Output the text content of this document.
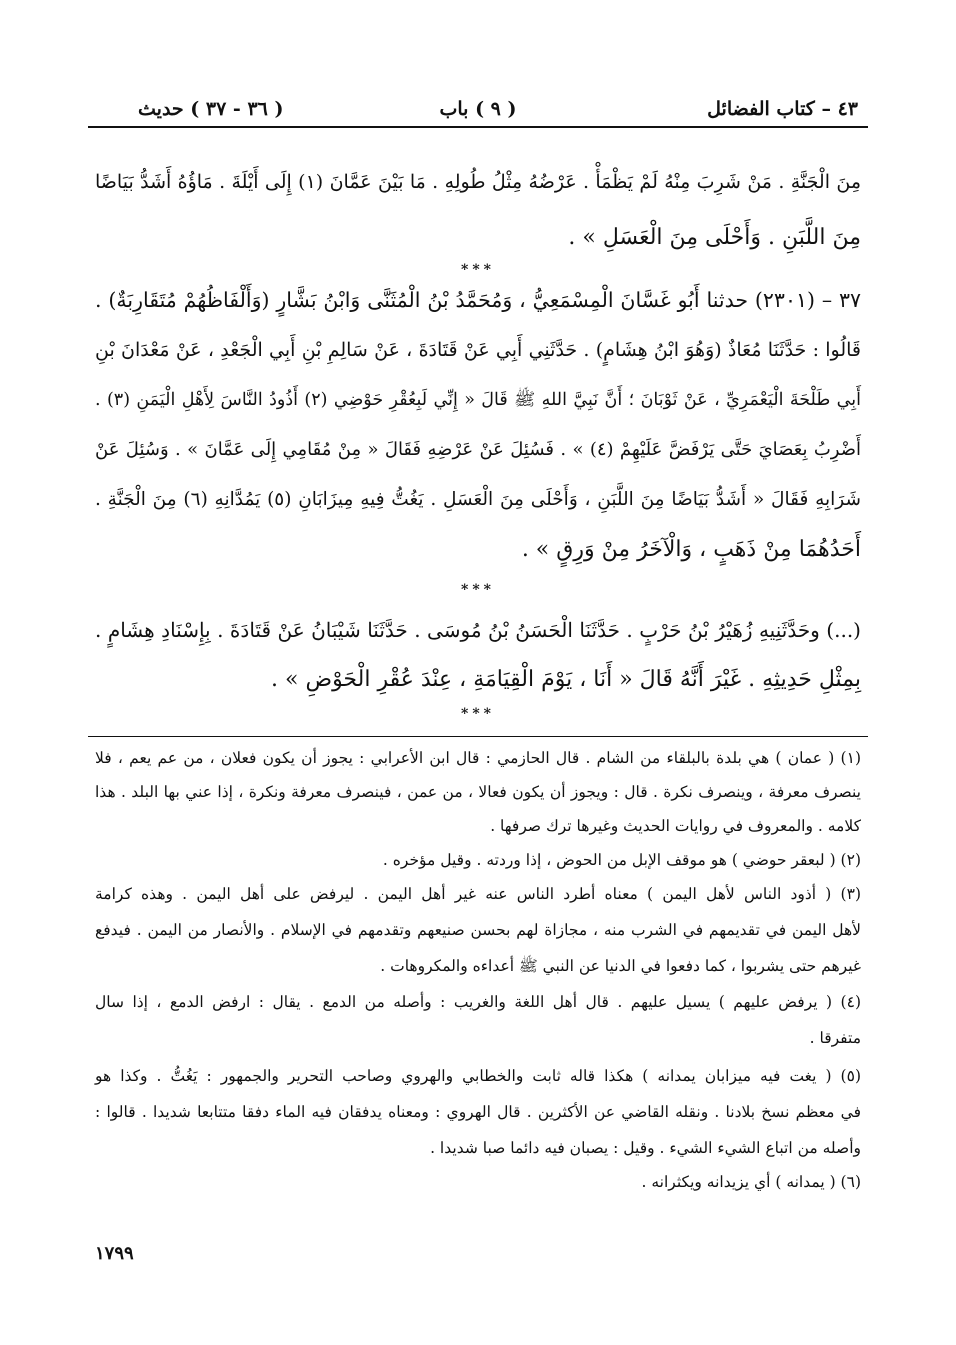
٤٣ – كتاب الفضائل
( ٩ ) باب
( ٣٦ - ٣٧ ) حديث
مِنَ الْجَنَّةِ . مَنْ شَرِبَ مِنْهُ لَمْ يَظْمَأْ . عَرْضُهُ مِثْلُ طُولِهِ . مَا بَيْنَ عَمَّانَ (١) إِلَى أَيْلَةَ . مَاؤُهُ أَشَدُّ بَيَاضًا
مِنَ اللَّبَنِ . وَأَحْلَى مِنَ الْعَسَلِ » .
***
٣٧ – (٢٣٠١) حدثنا أَبُو غَسَّانَ الْمِسْمَعِيُّ ، وَمُحَمَّدُ بْنُ الْمُثَنَّى وَابْنُ بَشَّارٍ (وَأَلْفَاظُهُمْ مُتَقَارِبَةٌ) .
قَالُوا : حَدَّثَنَا مُعَاذٌ (وَهُوَ ابْنُ هِشَامٍ) . حَدَّثَنِي أَبِي عَنْ قَتَادَةَ ، عَنْ سَالِمِ بْنِ أَبِي الْجَعْدِ ، عَنْ مَعْدَانَ بْنِ
أَبِي طَلْحَةَ الْيَعْمَرِيِّ ، عَنْ ثَوْبَانَ ؛ أَنَّ نَبِيَّ اللهِ ﷺ قَالَ « إِنِّي لَبِعُقْرِ حَوْضِي (٢) أَذُودُ النَّاسَ لِأَهْلِ الْيَمَنِ (٣) .
أَضْرِبُ بِعَصَايَ حَتَّى يَرْفَضَّ عَلَيْهِمْ (٤) » . فَسُئِلَ عَنْ عَرْضِهِ فَقَالَ « مِنْ مُقَامِي إِلَى عَمَّانَ » . وَسُئِلَ عَنْ
شَرَابِهِ فَقَالَ « أَشَدُّ بَيَاضًا مِنَ اللَّبَنِ ، وَأَحْلَى مِنَ الْعَسَلِ . يَغُتُّ فِيهِ مِيزَابَانِ (٥) يَمُدَّانِهِ (٦) مِنَ الْجَنَّةِ .
أَحَدُهُمَا مِنْ ذَهَبٍ ، وَالْآخَرُ مِنْ وَرِقٍ » .
***
(...) وحَدَّثَنِيهِ زُهَيْرُ بْنُ حَرْبٍ . حَدَّثَنَا الْحَسَنُ بْنُ مُوسَى . حَدَّثَنَا شَيْبَانُ عَنْ قَتَادَةَ . بِإِسْنَادِ هِشَامٍ .
بِمِثْلِ حَدِيثِهِ . غَيْرَ أَنَّهُ قَالَ « أَنَا ، يَوْمَ الْقِيَامَةِ ، عِنْدَ عُقْرِ الْحَوْضِ » .
***
(١) ( عمان ) هي بلدة بالبلقاء من الشام . قال الحازمي : قال ابن الأعرابي : يجوز أن يكون فعلان ، من عم يعم ، فلا
ينصرف معرفة ، وينصرف نكرة . قال : ويجوز أن يكون فعالا ، من عمن ، فينصرف معرفة ونكرة ، إذا عني بها البلد . هذا
كلامه . والمعروف في روايات الحديث وغيرها ترك صرفها .
(٢) ( لبعقر حوضي ) هو موقف الإبل من الحوض ، إذا وردته . وقيل مؤخره .
(٣) ( أذود الناس لأهل اليمن ) معناه أطرد الناس عنه غير أهل اليمن . ليرفض على أهل اليمن . وهذه كرامة
لأهل اليمن في تقديمهم في الشرب منه ، مجازاة لهم بحسن صنيعهم وتقدمهم في الإسلام . والأنصار من اليمن . فيدفع
غيرهم حتى يشربوا ، كما دفعوا في الدنيا عن النبي ﷺ أعداءه والمكروهات .
(٤) ( يرفض عليهم ) يسيل عليهم . قال أهل اللغة والغريب : وأصله من الدمع . يقال : ارفض الدمع ، إذا سال
متفرقا .
(٥) ( يغت فيه ميزابان يمدانه ) هكذا قاله ثابت والخطابي والهروي وصاحب التحرير والجمهور : يَغُتُّ . وكذا هو
في معظم نسخ بلادنا . ونقله القاضي عن الأكثرين . قال الهروي : ومعناه يدفقان فيه الماء دفقا متتابعا شديدا . قالوا :
وأصله من اتباع الشيء الشيء . وقيل : يصبان فيه دائما صبا شديدا .
(٦) ( يمدانه ) أي يزيدانه ويكثرانه .
١٧٩٩
